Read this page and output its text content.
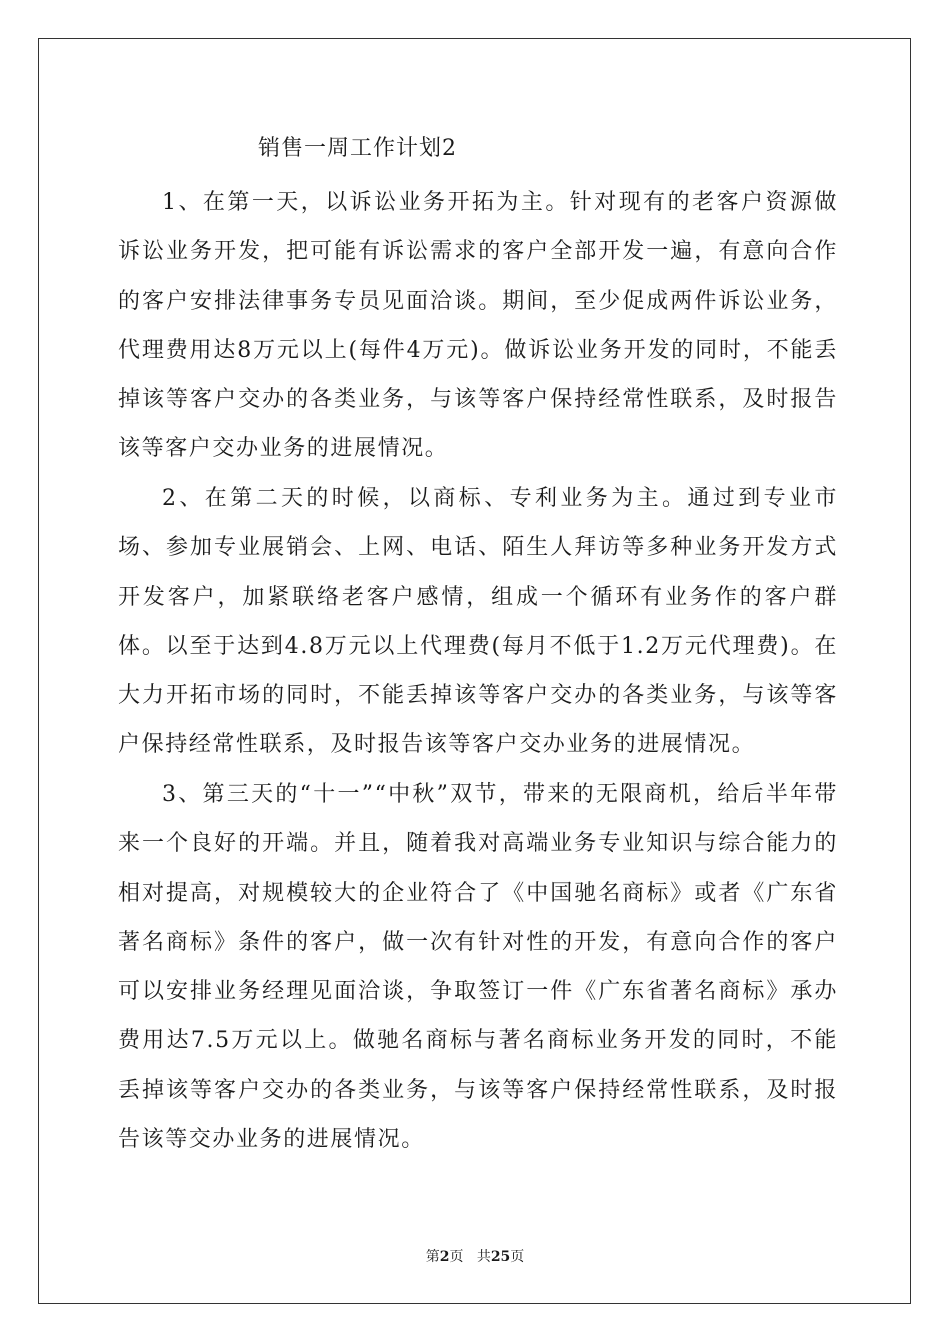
销售一周工作计划2

1、在第一天，以诉讼业务开拓为主。针对现有的老客户资源做诉讼业务开发，把可能有诉讼需求的客户全部开发一遍，有意向合作的客户安排法律事务专员见面洽谈。期间，至少促成两件诉讼业务，代理费用达8万元以上(每件4万元)。做诉讼业务开发的同时，不能丢掉该等客户交办的各类业务，与该等客户保持经常性联系，及时报告该等客户交办业务的进展情况。

2、在第二天的时候，以商标、专利业务为主。通过到专业市场、参加专业展销会、上网、电话、陌生人拜访等多种业务开发方式开发客户，加紧联络老客户感情，组成一个循环有业务作的客户群体。以至于达到4.8万元以上代理费(每月不低于1.2万元代理费)。在大力开拓市场的同时，不能丢掉该等客户交办的各类业务，与该等客户保持经常性联系，及时报告该等客户交办业务的进展情况。

3、第三天的“十一”“中秋”双节，带来的无限商机，给后半年带来一个良好的开端。并且，随着我对高端业务专业知识与综合能力的相对提高，对规模较大的企业符合了《中国驰名商标》或者《广东省著名商标》条件的客户，做一次有针对性的开发，有意向合作的客户可以安排业务经理见面洽谈，争取签订一件《广东省著名商标》承办费用达7.5万元以上。做驰名商标与著名商标业务开发的同时，不能丢掉该等客户交办的各类业务，与该等客户保持经常性联系，及时报告该等交办业务的进展情况。

第2页 共25页
